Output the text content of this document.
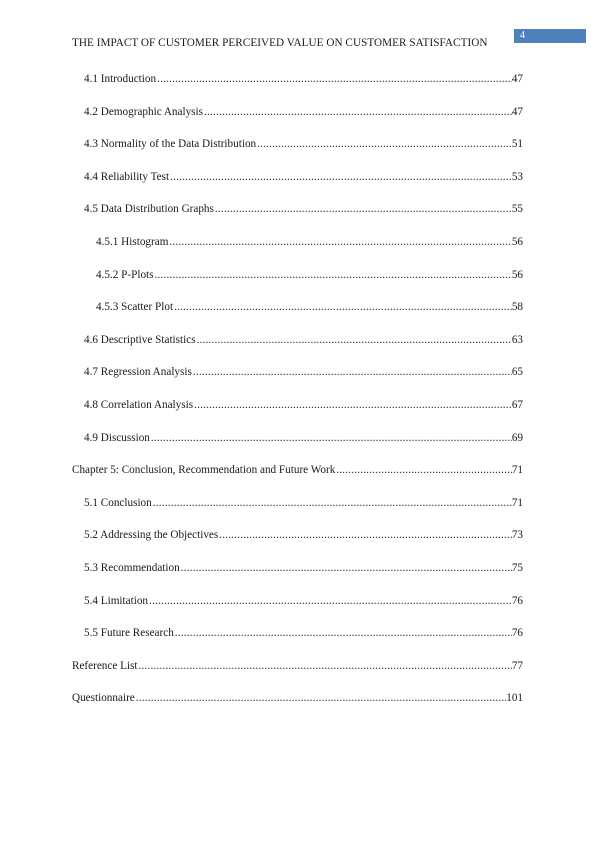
THE IMPACT OF CUSTOMER PERCEIVED VALUE ON CUSTOMER SATISFACTION
4
4.1 Introduction .....	47
4.2 Demographic Analysis .....	47
4.3 Normality of the Data Distribution .....	51
4.4 Reliability Test .....	53
4.5 Data Distribution Graphs .....	55
4.5.1 Histogram .....	56
4.5.2 P-Plots .....	56
4.5.3 Scatter Plot .....	58
4.6 Descriptive Statistics .....	63
4.7 Regression Analysis .....	65
4.8 Correlation Analysis .....	67
4.9 Discussion .....	69
Chapter 5: Conclusion, Recommendation and Future Work .....	71
5.1 Conclusion .....	71
5.2 Addressing the Objectives .....	73
5.3 Recommendation .....	75
5.4 Limitation .....	76
5.5 Future Research .....	76
Reference List .....	77
Questionnaire .....	101
